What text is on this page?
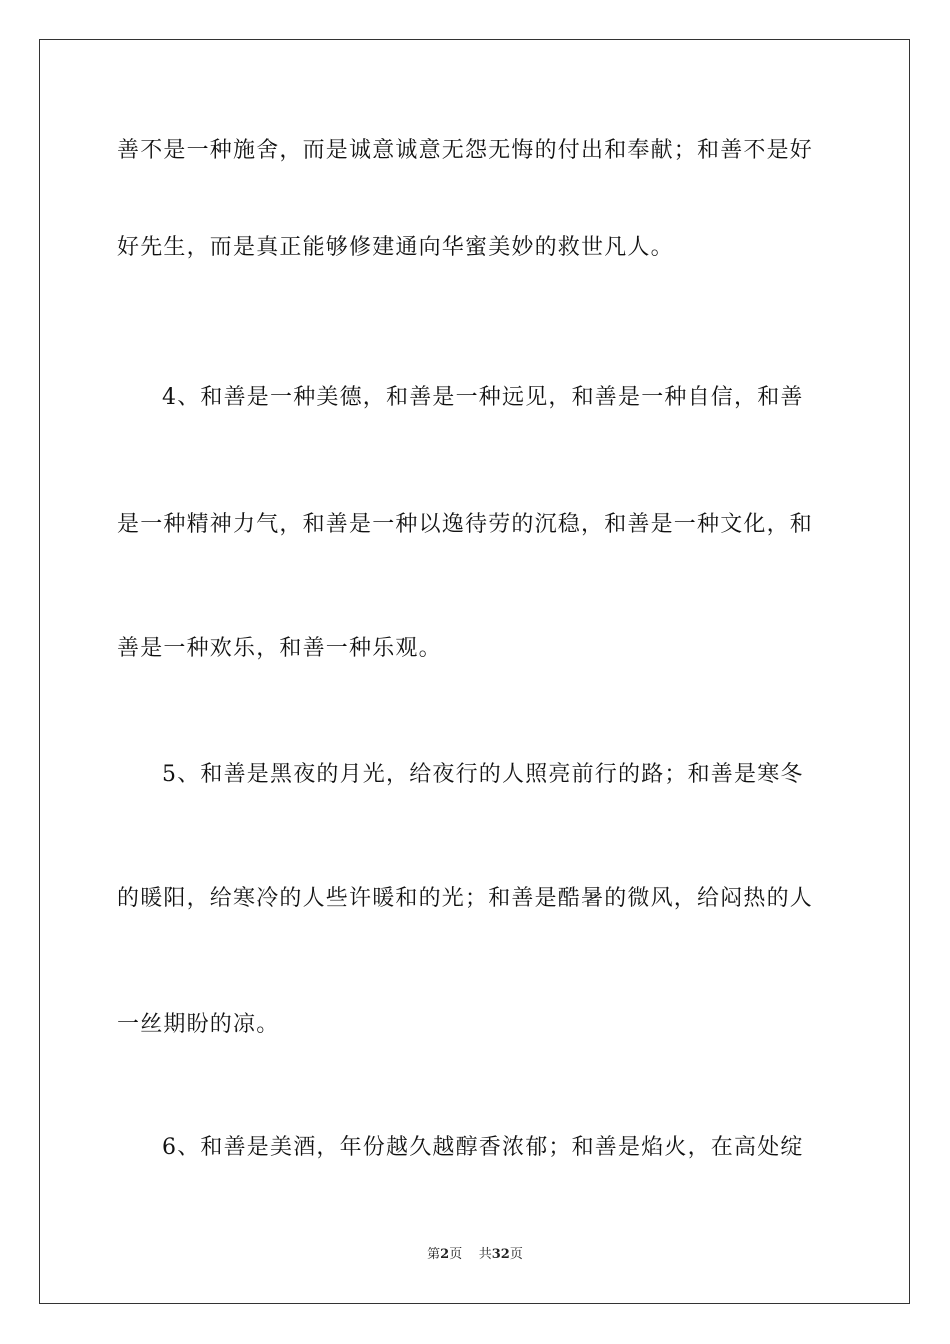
善不是一种施舍，而是诚意诚意无怨无悔的付出和奉献；和善不是好
好先生，而是真正能够修建通向华蜜美妙的救世凡人。
4、和善是一种美德，和善是一种远见，和善是一种自信，和善
是一种精神力气，和善是一种以逸待劳的沉稳，和善是一种文化，和
善是一种欢乐，和善一种乐观。
5、和善是黑夜的月光，给夜行的人照亮前行的路；和善是寒冬
的暖阳，给寒冷的人些许暖和的光；和善是酷暑的微风，给闷热的人
一丝期盼的凉。
6、和善是美酒，年份越久越醇香浓郁；和善是焰火，在高处绽
第2页 共32页
